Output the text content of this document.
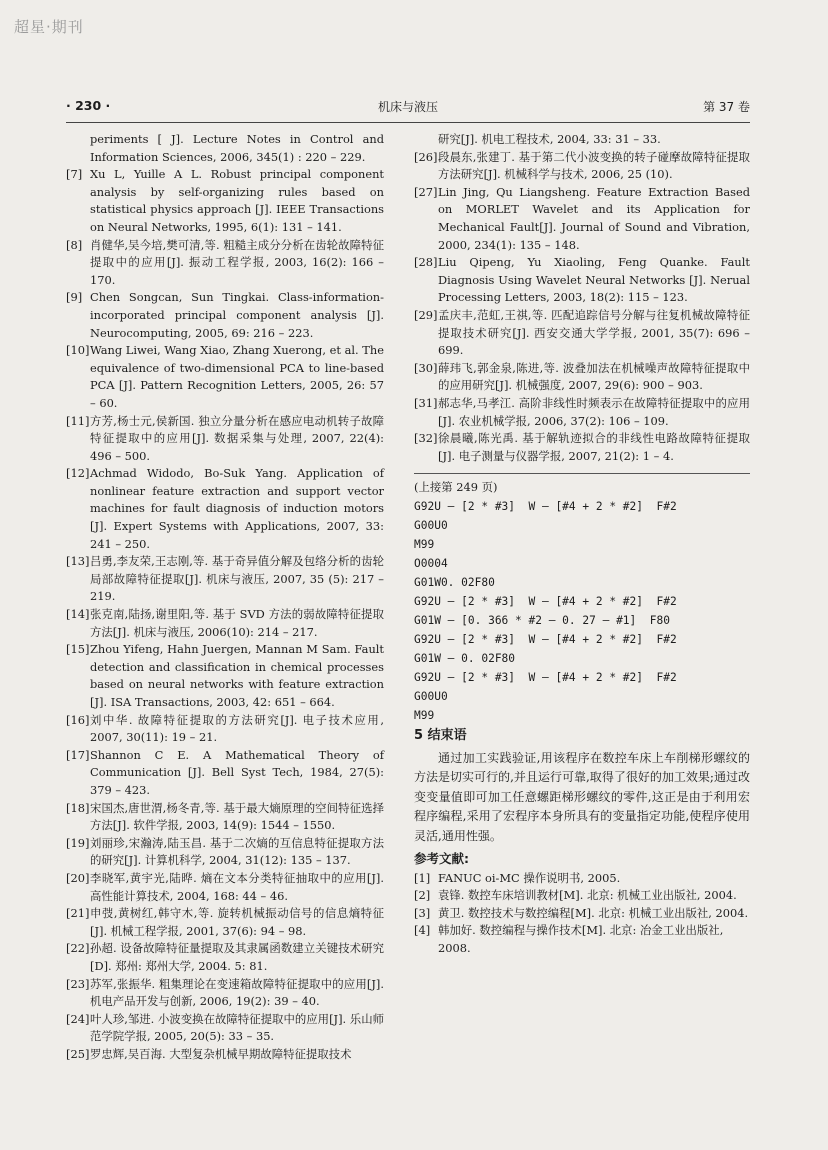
超星·期刊
· 230 ·	机床与液压	第 37 卷

periments [ J]. Lecture Notes in Control and Information Sciences, 2006, 345(1) : 220 – 229.

[7] Xu L, Yuille A L. Robust principal component analysis by self-organizing rules based on statistical physics approach [J]. IEEE Transactions on Neural Networks, 1995, 6(1): 131 – 141.

[8] 肖健华,吴今培,樊可清,等. 粗糙主成分分析在齿轮故障特征提取中的应用[J]. 振动工程学报, 2003, 16(2): 166 – 170.

[9] Chen Songcan, Sun Tingkai. Class-information-incorporated principal component analysis [J]. Neurocomputing, 2005, 69: 216 – 223.

[10] Wang Liwei, Wang Xiao, Zhang Xuerong, et al. The equivalence of two-dimensional PCA to line-based PCA [J]. Pattern Recognition Letters, 2005, 26: 57 – 60.

[11] 方芳,杨士元,侯新国. 独立分量分析在感应电动机转子故障特征提取中的应用[J]. 数据采集与处理, 2007, 22(4): 496 – 500.

[12] Achmad Widodo, Bo-Suk Yang. Application of nonlinear feature extraction and support vector machines for fault diagnosis of induction motors [J]. Expert Systems with Applications, 2007, 33: 241 – 250.

[13] 吕勇,李友荣,王志刚,等. 基于奇异值分解及包络分析的齿轮局部故障特征提取[J]. 机床与液压, 2007, 35 (5): 217 – 219.

[14] 张克南,陆扬,谢里阳,等. 基于 SVD 方法的弱故障特征提取方法[J]. 机床与液压, 2006(10): 214 – 217.

[15] Zhou Yifeng, Hahn Juergen, Mannan M Sam. Fault detection and classification in chemical processes based on neural networks with feature extraction [J]. ISA Transactions, 2003, 42: 651 – 664.

[16] 刘中华. 故障特征提取的方法研究[J]. 电子技术应用, 2007, 30(11): 19 – 21.

[17] Shannon C E. A Mathematical Theory of Communication [J]. Bell Syst Tech, 1984, 27(5): 379 – 423.

[18] 宋国杰,唐世渭,杨冬青,等. 基于最大熵原理的空间特征选择方法[J]. 软件学报, 2003, 14(9): 1544 – 1550.

[19] 刘丽珍,宋瀚涛,陆玉昌. 基于二次熵的互信息特征提取方法的研究[J]. 计算机科学, 2004, 31(12): 135 – 137.

[20] 李晓军,黄宇光,陆晔. 熵在文本分类特征抽取中的应用[J]. 高性能计算技术, 2004, 168: 44 – 46.

[21] 申弢,黄树红,韩守木,等. 旋转机械振动信号的信息熵特征[J]. 机械工程学报, 2001, 37(6): 94 – 98.

[22] 孙超. 设备故障特征量提取及其隶属函数建立关键技术研究[D]. 郑州: 郑州大学, 2004. 5: 81.

[23] 苏军,张振华. 粗集理论在变速箱故障特征提取中的应用[J]. 机电产品开发与创新, 2006, 19(2): 39 – 40.

[24] 叶人珍,邹进. 小波变换在故障特征提取中的应用[J]. 乐山师范学院学报, 2005, 20(5): 33 – 35.

[25] 罗忠辉,吴百海. 大型复杂机械早期故障特征提取技术

研究[J]. 机电工程技术, 2004, 33: 31 – 33.

[26] 段晨东,张建丁. 基于第二代小波变换的转子碰摩故障特征提取方法研究[J]. 机械科学与技术, 2006, 25 (10).

[27] Lin Jing, Qu Liangsheng. Feature Extraction Based on MORLET Wavelet and its Application for Mechanical Fault[J]. Journal of Sound and Vibration, 2000, 234(1): 135 – 148.

[28] Liu Qipeng, Yu Xiaoling, Feng Quanke. Fault Diagnosis Using Wavelet Neural Networks [J]. Nerual Processing Letters, 2003, 18(2): 115 – 123.

[29] 孟庆丰,范虹,王祺,等. 匹配追踪信号分解与往复机械故障特征提取技术研究[J]. 西安交通大学学报, 2001, 35(7): 696 – 699.

[30] 薛玮飞,郭金泉,陈进,等. 波叠加法在机械噪声故障特征提取中的应用研究[J]. 机械强度, 2007, 29(6): 900 – 903.

[31] 郝志华,马孝江. 高阶非线性时频表示在故障特征提取中的应用[J]. 农业机械学报, 2006, 37(2): 106 – 109.

[32] 徐晨曦,陈光禹. 基于解轨迹拟合的非线性电路故障特征提取[J]. 电子测量与仪器学报, 2007, 21(2): 1 – 4.

(上接第 249 页)

G92U – [2 * #3]  W – [#4 + 2 * #2]  F#2

G00U0

M99

O0004

G01W0. 02F80

G92U – [2 * #3]  W – [#4 + 2 * #2]  F#2

G01W – [0. 366 * #2 – 0. 27 – #1]  F80

G92U – [2 * #3]  W – [#4 + 2 * #2]  F#2

G01W – 0. 02F80

G92U – [2 * #3]  W – [#4 + 2 * #2]  F#2

G00U0

M99

5 结束语

通过加工实践验证,用该程序在数控车床上车削梯形螺纹的方法是切实可行的,并且运行可靠,取得了很好的加工效果;通过改变变量值即可加工任意螺距梯形螺纹的零件,这正是由于利用宏程序编程,采用了宏程序本身所具有的变量指定功能,使程序使用灵活,通用性强。

参考文献:

[1] FANUC oi-MC 操作说明书, 2005.

[2] 袁锋. 数控车床培训教材[M]. 北京: 机械工业出版社, 2004.

[3] 黄卫. 数控技术与数控编程[M]. 北京: 机械工业出版社, 2004.

[4] 韩加好. 数控编程与操作技术[M]. 北京: 冶金工业出版社, 2008.
